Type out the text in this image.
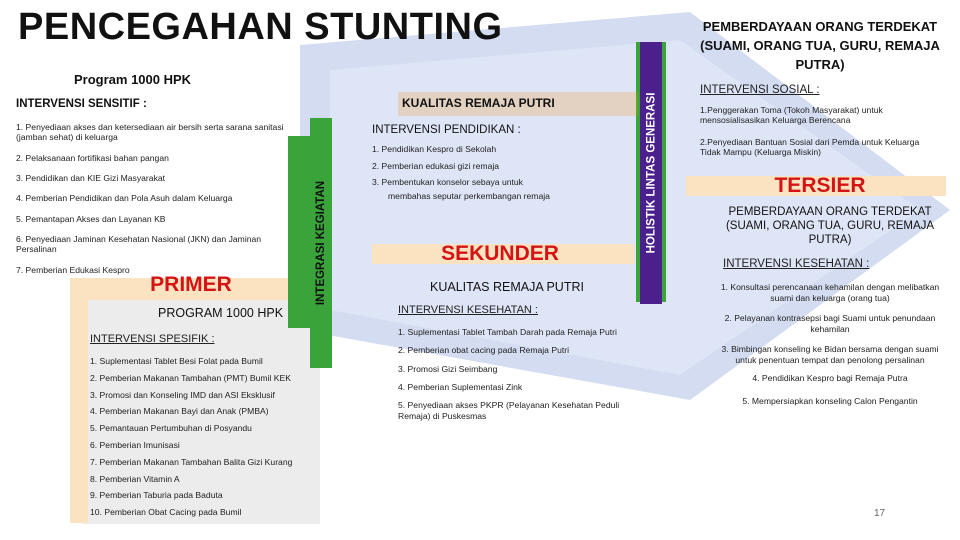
INTEGRASI KEGIATAN	HOLISTIK LINTAS GENERASI
PENCEGAHAN STUNTING
Program 1000 HPK
INTERVENSI SENSITIF :
1. Penyediaan akses dan ketersediaan air bersih serta sarana sanitasi (jamban sehat) di keluarga
2. Pelaksanaan fortifikasi bahan pangan
3. Pendidikan dan KIE Gizi Masyarakat
4. Pemberian Pendidikan dan Pola Asuh dalam Keluarga
5. Pemantapan Akses dan Layanan KB
6. Penyediaan Jaminan Kesehatan Nasional (JKN) dan Jaminan Persalinan
7. Pemberian Edukasi Kespro
PRIMER
PROGRAM 1000 HPK
INTERVENSI SPESIFIK :
1. Suplementasi Tablet Besi Folat pada Bumil
2. Pemberian Makanan Tambahan (PMT) Bumil KEK
3. Promosi dan Konseling IMD dan ASI Eksklusif
4. Pemberian Makanan Bayi dan Anak (PMBA)
5. Pemantauan Pertumbuhan di Posyandu
6. Pemberian Imunisasi
7. Pemberian Makanan Tambahan Balita Gizi Kurang
8. Pemberian Vitamin A
9. Pemberian Taburia pada Baduta
10. Pemberian Obat Cacing pada Bumil
KUALITAS REMAJA PUTRI
INTERVENSI PENDIDIKAN :
1. Pendidikan Kespro di Sekolah
2. Pemberian edukasi gizi remaja
3. Pembentukan konselor sebaya untuk
membahas seputar perkembangan remaja
SEKUNDER
KUALITAS REMAJA PUTRI
INTERVENSI KESEHATAN :
1. Suplementasi Tablet Tambah Darah pada Remaja Putri
2. Pemberian obat cacing pada Remaja Putri
3. Promosi Gizi Seimbang
4. Pemberian Suplementasi Zink
5. Penyediaan akses PKPR (Pelayanan Kesehatan Peduli Remaja) di Puskesmas
PEMBERDAYAAN ORANG TERDEKAT (SUAMI, ORANG TUA, GURU, REMAJA PUTRA)
INTERVENSI SOSIAL :
1.Penggerakan Toma (Tokoh Masyarakat) untuk mensosialisasikan Keluarga Berencana
2.Penyediaan Bantuan Sosial dari Pemda untuk Keluarga Tidak Mampu (Keluarga Miskin)
TERSIER
PEMBERDAYAAN ORANG TERDEKAT (SUAMI, ORANG TUA, GURU, REMAJA PUTRA)
INTERVENSI KESEHATAN :
1. Konsultasi perencanaan kehamilan dengan melibatkan suami dan keluarga (orang tua)
2. Pelayanan kontrasepsi bagi Suami untuk penundaan kehamilan
3. Bimbingan konseling ke Bidan bersama dengan suami untuk penentuan tempat dan penolong persalinan
4. Pendidikan Kespro bagi Remaja Putra
5. Mempersiapkan konseling Calon Pengantin
17
